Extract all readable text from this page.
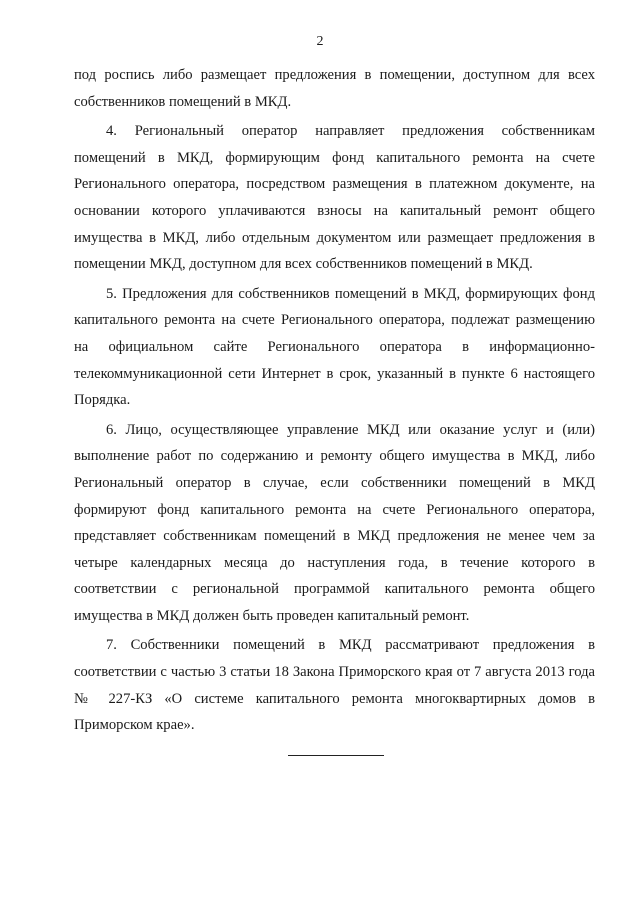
2

под роспись либо размещает предложения в помещении, доступном для всех собственников помещений в МКД.

4. Региональный оператор направляет предложения собственникам помещений в МКД, формирующим фонд капитального ремонта на счете Регионального оператора, посредством размещения в платежном документе, на основании которого уплачиваются взносы на капитальный ремонт общего имущества в МКД, либо отдельным документом или размещает предложения в помещении МКД, доступном для всех собственников помещений в МКД.

5. Предложения для собственников помещений в МКД, формирующих фонд капитального ремонта на счете Регионального оператора, подлежат размещению на официальном сайте Регионального оператора в информационно-телекоммуникационной сети Интернет в срок, указанный в пункте 6 настоящего Порядка.

6. Лицо, осуществляющее управление МКД или оказание услуг и (или) выполнение работ по содержанию и ремонту общего имущества в МКД, либо Региональный оператор в случае, если собственники помещений в МКД формируют фонд капитального ремонта на счете Регионального оператора, представляет собственникам помещений в МКД предложения не менее чем за четыре календарных месяца до наступления года, в течение которого в соответствии с региональной программой капитального ремонта общего имущества в МКД должен быть проведен капитальный ремонт.

7. Собственники помещений в МКД рассматривают предложения в соответствии с частью 3 статьи 18 Закона Приморского края от 7 августа 2013 года № 227-КЗ «О системе капитального ремонта многоквартирных домов в Приморском крае».
